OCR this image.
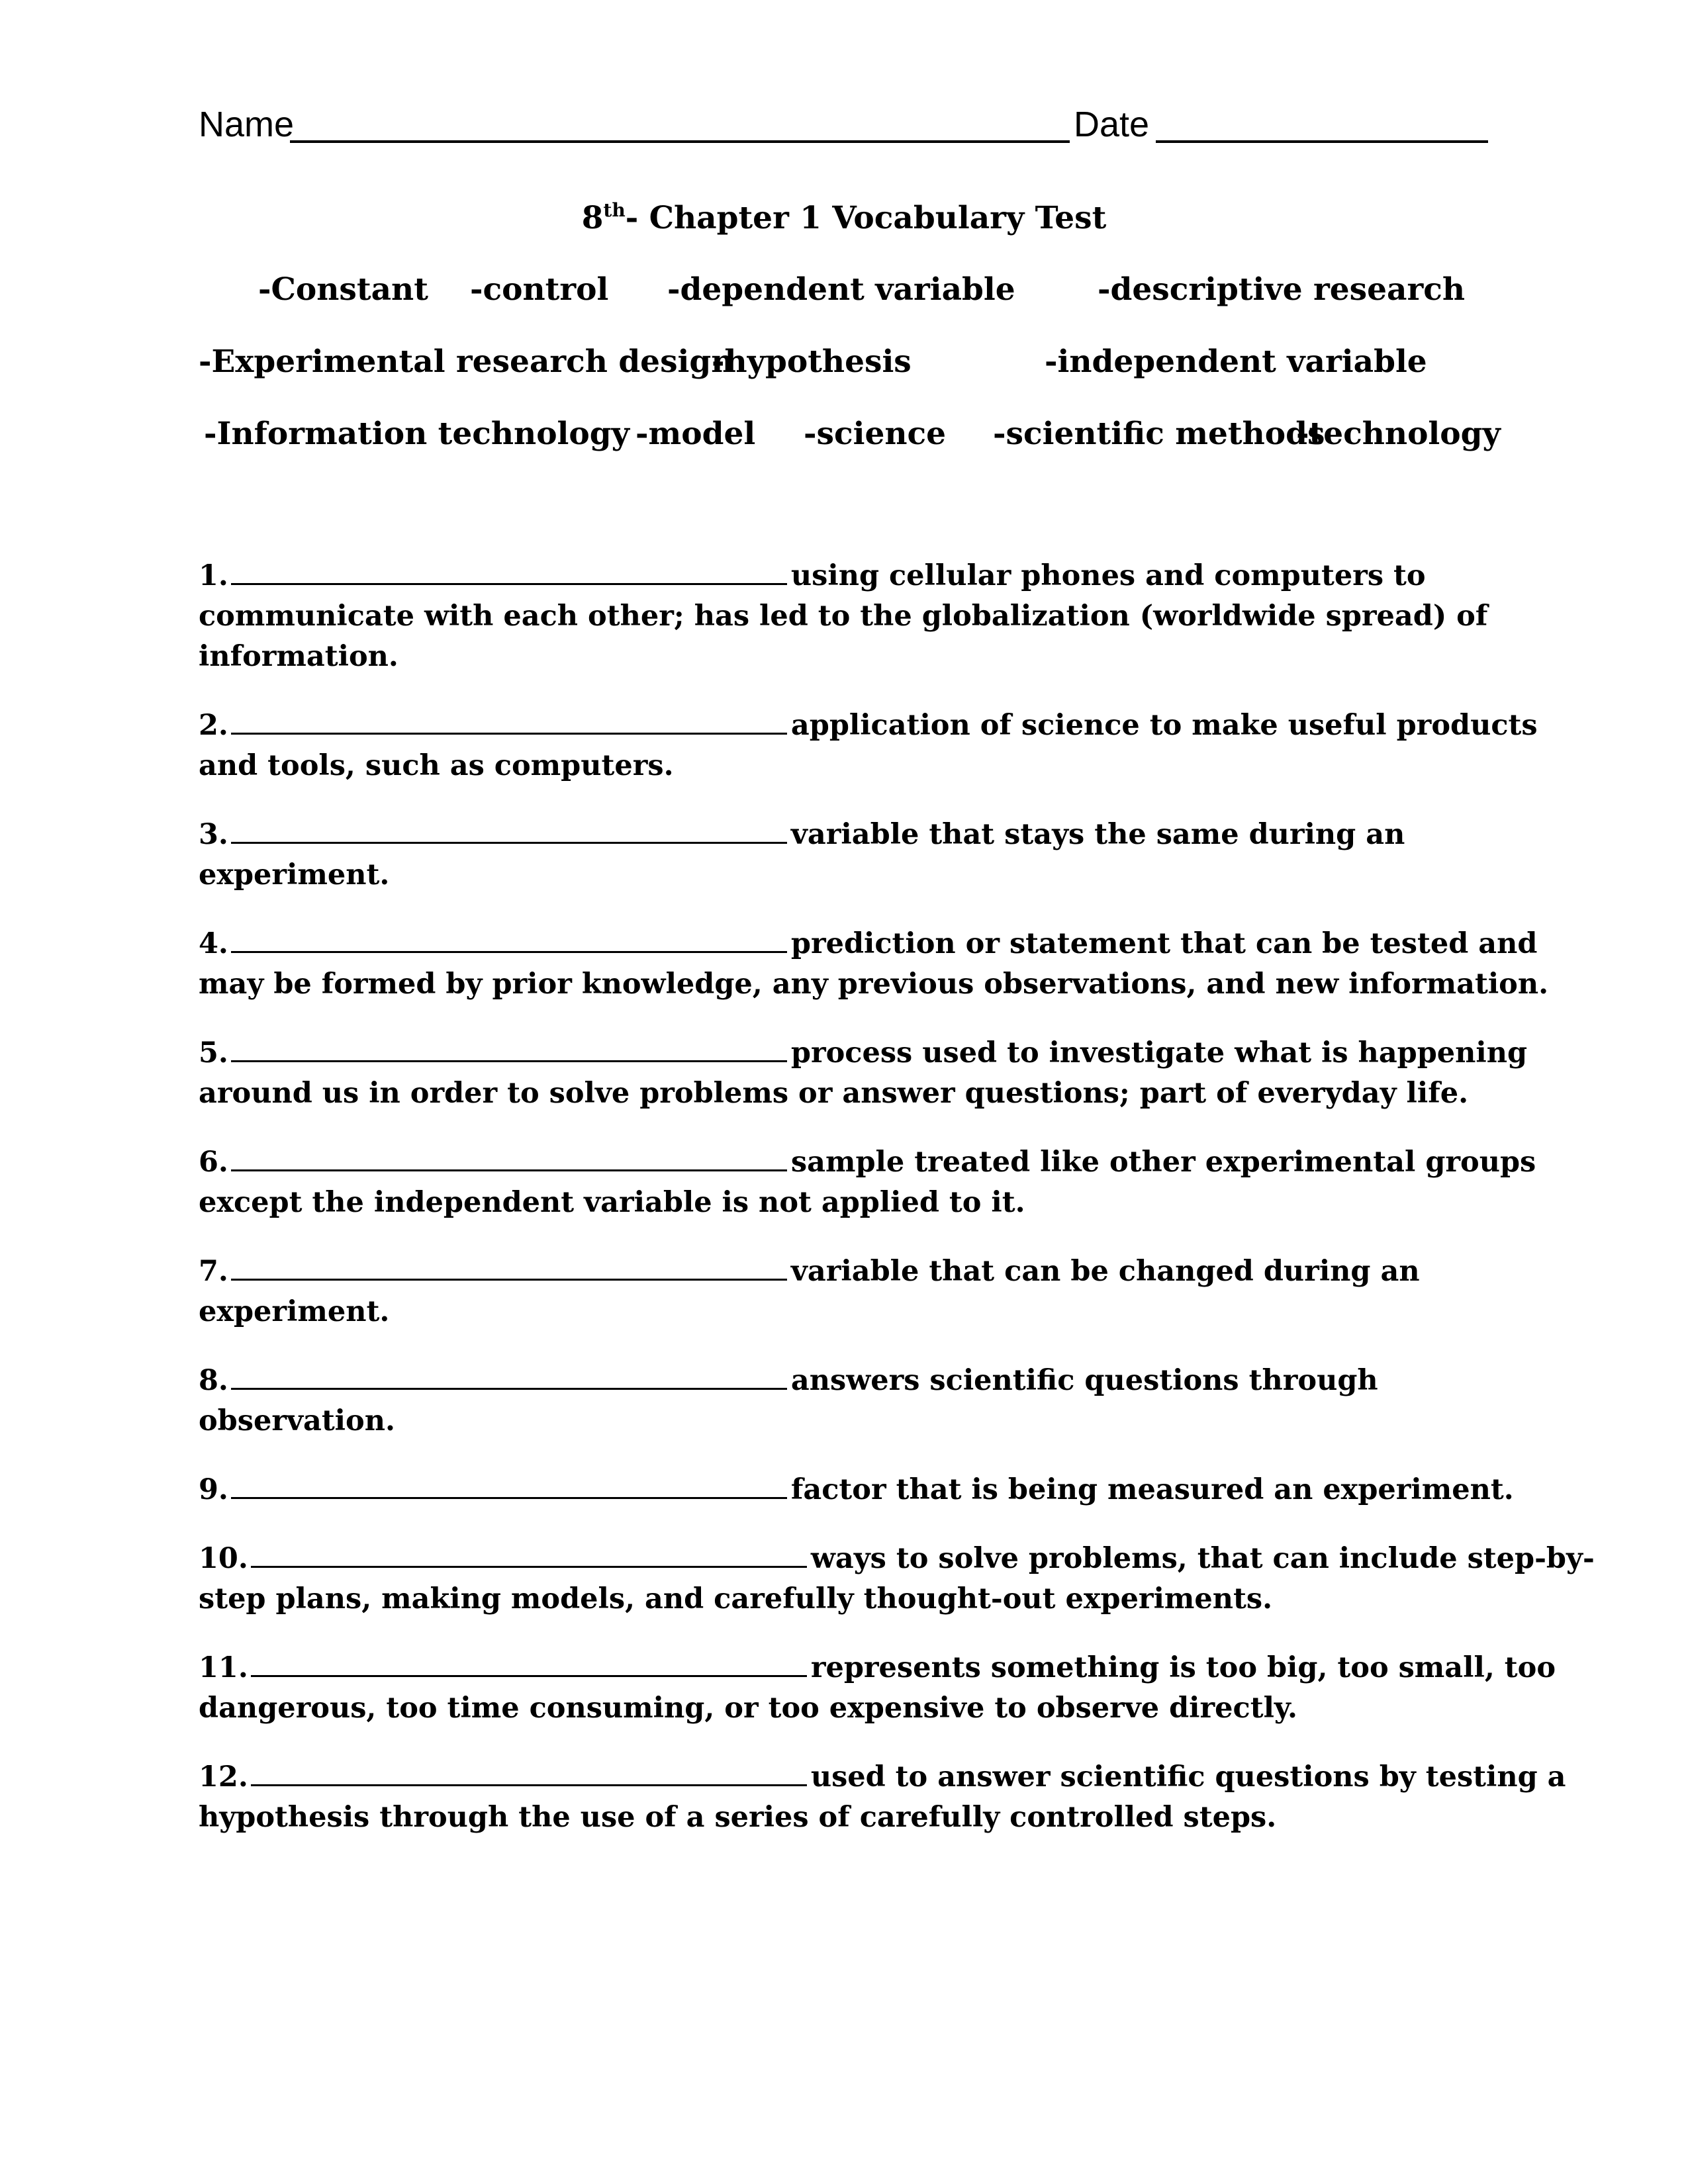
Name	Date
8th- Chapter 1 Vocabulary Test
-Constant -control -dependent variable	-descriptive research
-Experimental research design
-hypothesis	-independent variable
-Information technology -model -science -scientific methods
-technology
1.	using cellular phones and computers to
communicate with each other; has led to the globalization (worldwide spread) of
information.
2.	application of science to make useful products
and tools, such as computers.
3.	variable that stays the same during an
experiment.
4.	prediction or statement that can be tested and
may be formed by prior knowledge, any previous observations, and new information.
5.	process used to investigate what is happening
around us in order to solve problems or answer questions; part of everyday life.
6.	sample treated like other experimental groups
except the independent variable is not applied to it.
7.	variable that can be changed during an
experiment.
8.	answers scientific questions through
observation.
9.	factor that is being measured an experiment.
10.	ways to solve problems, that can include step-by-
step plans, making models, and carefully thought-out experiments.
11.	represents something is too big, too small, too
dangerous, too time consuming, or too expensive to observe directly.
12.	used to answer scientific questions by testing a
hypothesis through the use of a series of carefully controlled steps.
